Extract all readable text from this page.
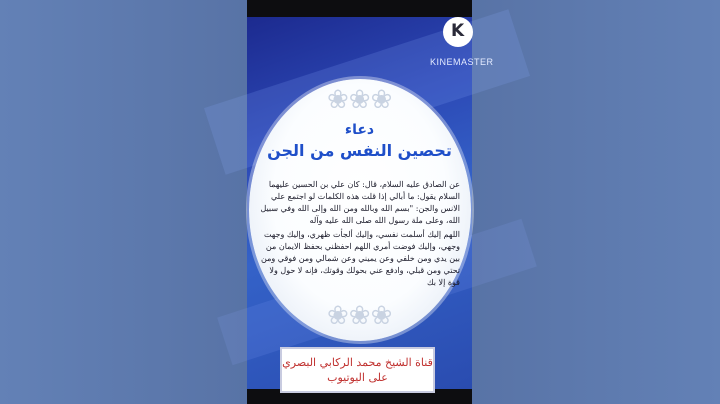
❀❀❀
❀❀❀
دعاء
تحصين النفس من الجن

عن الصادق عليه السلام، قال: كان علي بن الحسين عليهما السلام يقول: ما أبالي إذا قلت هذه الكلمات لو اجتمع علي الانس والجن: "بسم الله وبالله ومن الله وإلى الله وفي سبيل الله، وعلى ملة رسول الله صلى الله عليه وآله

اللهم إليك أسلمت نفسي، وإليك ألجأت ظهري، وإليك وجهت وجهي، وإليك فوضت أمري اللهم احفظني بحفظ الايمان من بين يدي ومن خلفي وعن يميني وعن شمالي ومن فوقي ومن تحتي ومن قبلي، وادفع عني بحولك وقوتك، فإنه لا حول ولا قوة إلا بك

قناة الشيخ محمد الركابي البصري
على اليوتيوب
K
KINEMASTER
